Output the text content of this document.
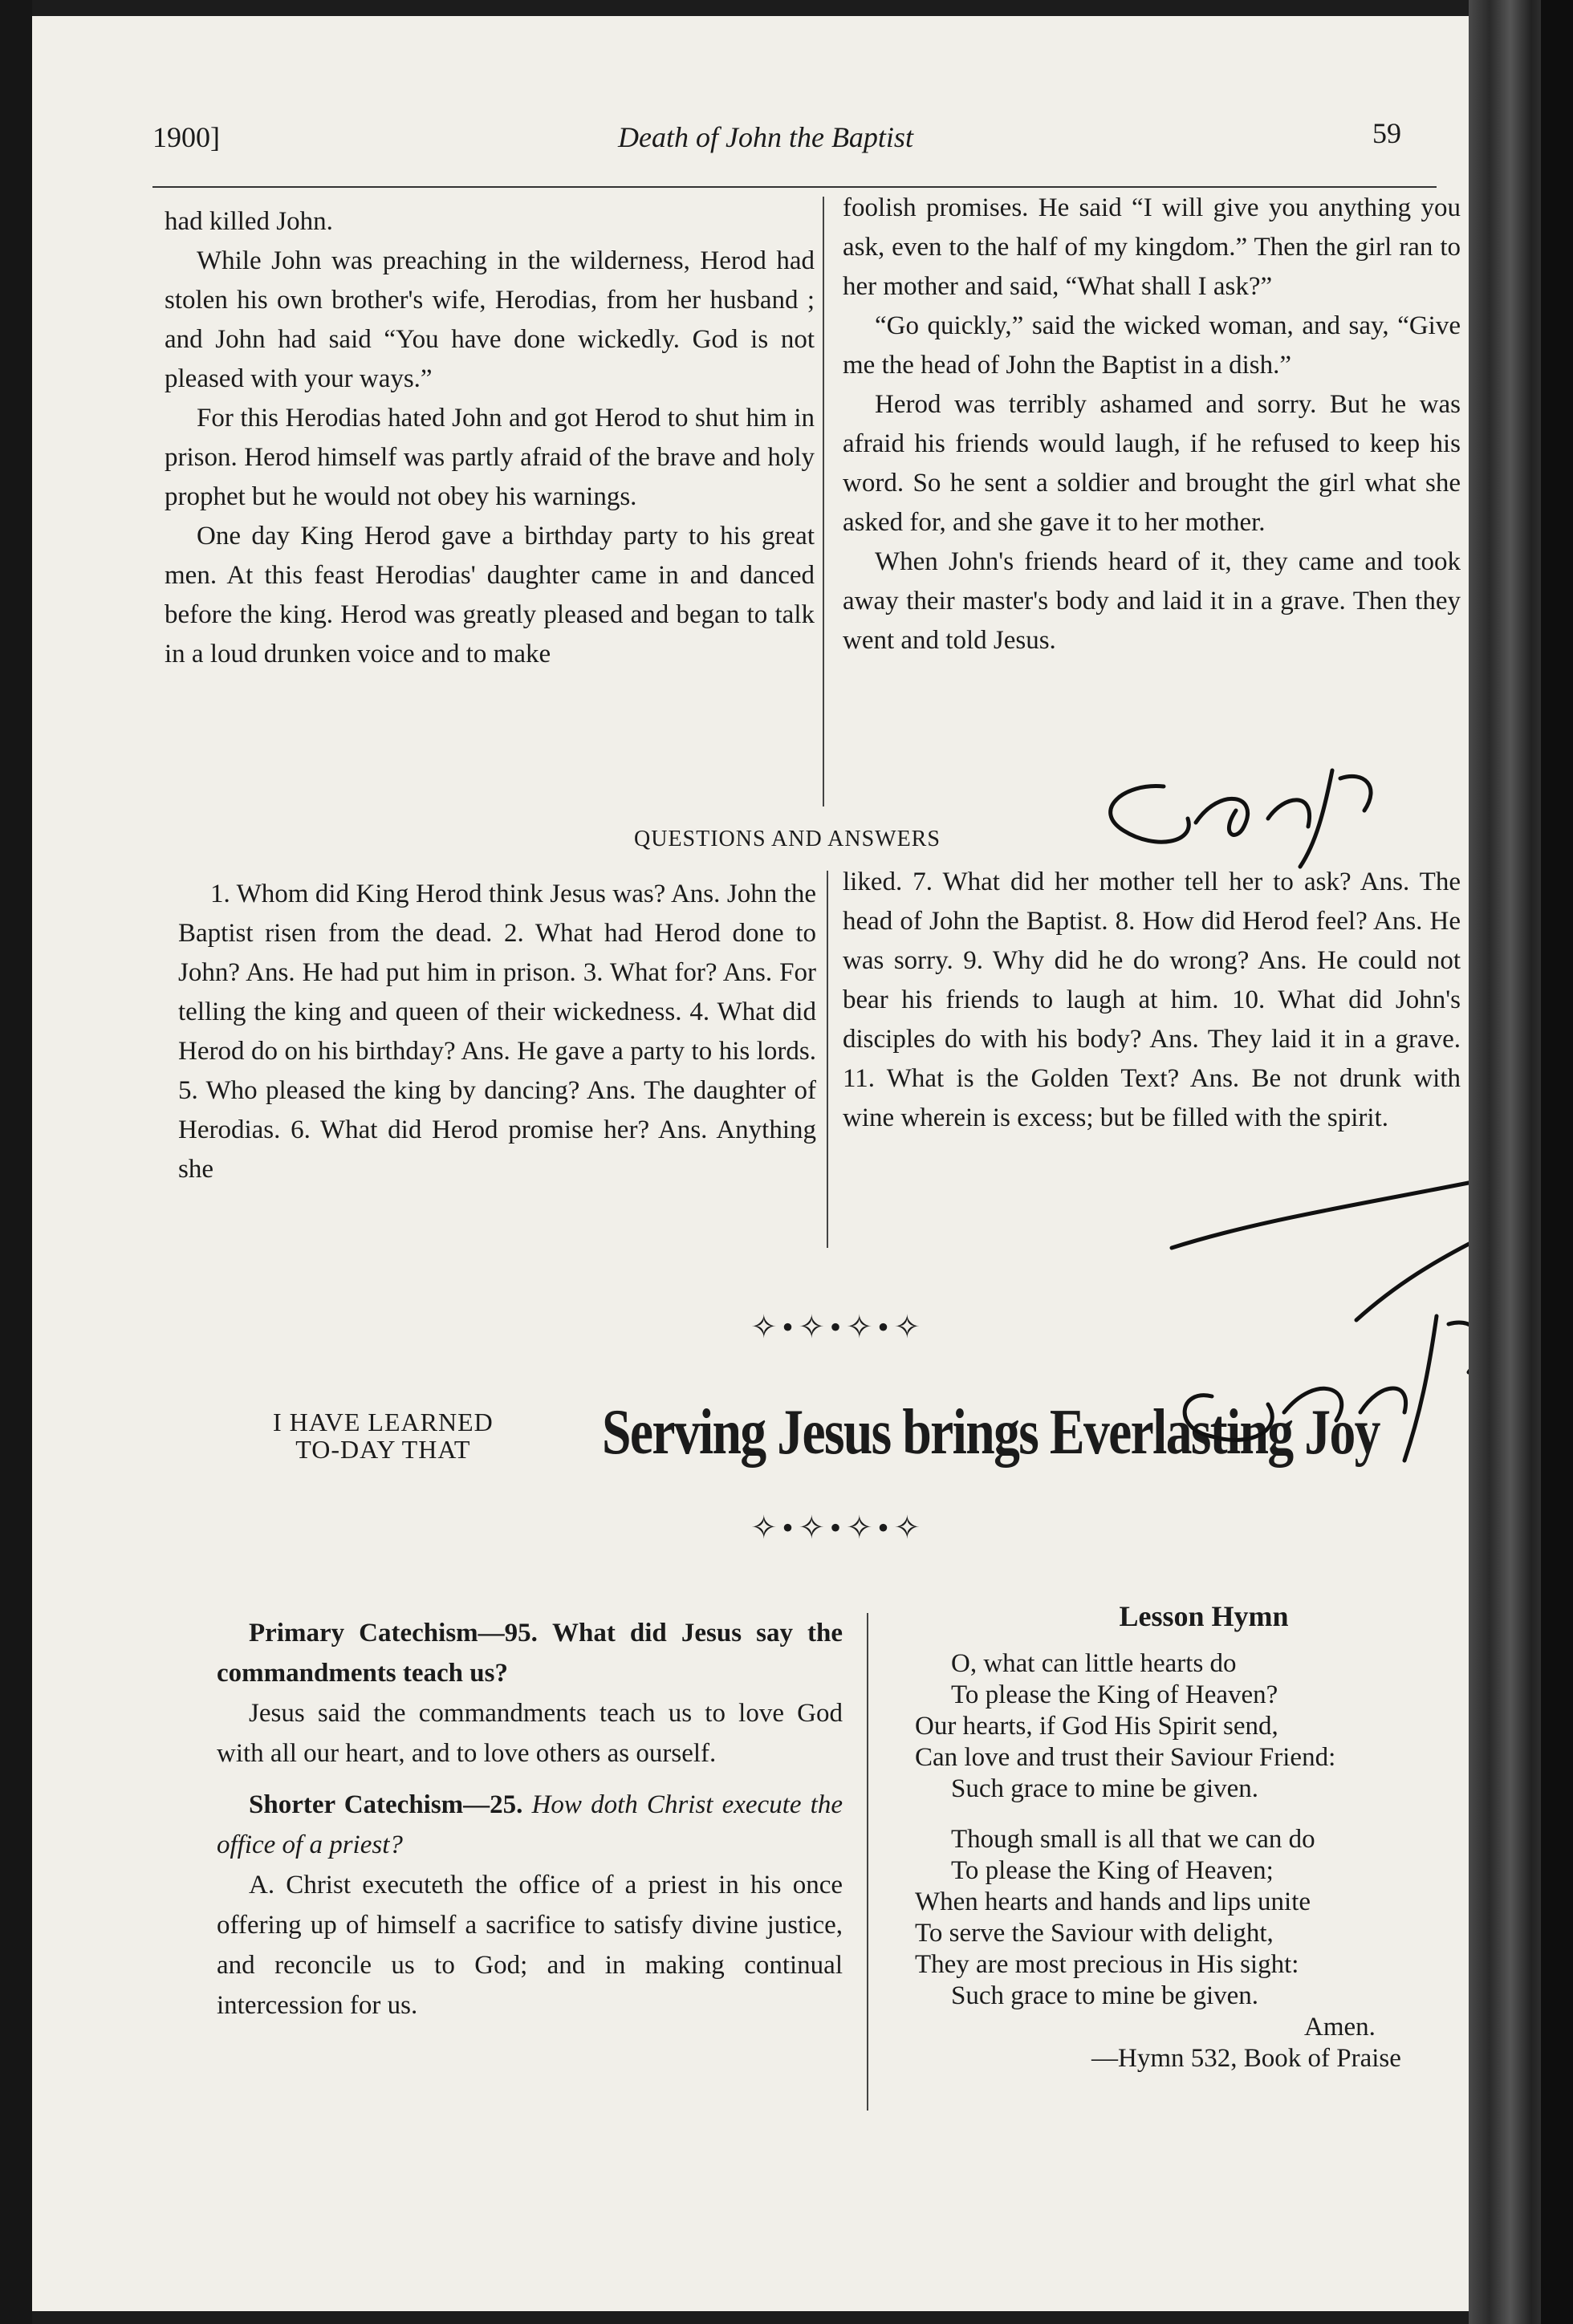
1900]	Death of John the Baptist	59

had killed John.

While John was preaching in the wilderness, Herod had stolen his own brother's wife, Herodias, from her husband ; and John had said “You have done wickedly. God is not pleased with your ways.”

For this Herodias hated John and got Herod to shut him in prison. Herod himself was partly afraid of the brave and holy prophet but he would not obey his warnings.

One day King Herod gave a birthday party to his great men. At this feast Herodias' daughter came in and danced before the king. Herod was greatly pleased and began to talk in a loud drunken voice and to make

foolish promises. He said “I will give you anything you ask, even to the half of my kingdom.” Then the girl ran to her mother and said, “What shall I ask?”

“Go quickly,” said the wicked woman, and say, “Give me the head of John the Baptist in a dish.”

Herod was terribly ashamed and sorry. But he was afraid his friends would laugh, if he refused to keep his word. So he sent a soldier and brought the girl what she asked for, and she gave it to her mother.

When John's friends heard of it, they came and took away their master's body and laid it in a grave. Then they went and told Jesus.

QUESTIONS AND ANSWERS

1. Whom did King Herod think Jesus was? Ans. John the Baptist risen from the dead. 2. What had Herod done to John? Ans. He had put him in prison. 3. What for? Ans. For telling the king and queen of their wickedness. 4. What did Herod do on his birthday? Ans. He gave a party to his lords. 5. Who pleased the king by dancing? Ans. The daughter of Herodias. 6. What did Herod promise her? Ans. Anything she

liked. 7. What did her mother tell her to ask? Ans. The head of John the Baptist. 8. How did Herod feel? Ans. He was sorry. 9. Why did he do wrong? Ans. He could not bear his friends to laugh at him. 10. What did John's disciples do with his body? Ans. They laid it in a grave. 11. What is the Golden Text? Ans. Be not drunk with wine wherein is excess; but be filled with the spirit.

✧•✧•✧•✧
I HAVE LEARNED
TO-DAY THAT	Serving Jesus brings Everlasting Joy
✧•✧•✧•✧

Primary Catechism—95. What did Jesus say the commandments teach us?

Jesus said the commandments teach us to love God with all our heart, and to love others as ourself.

Shorter Catechism—25. How doth Christ execute the office of a priest?

A. Christ executeth the office of a priest in his once offering up of himself a sacrifice to satisfy divine justice, and reconcile us to God; and in making continual intercession for us.

Lesson Hymn
O, what can little hearts do
To please the King of Heaven?
Our hearts, if God His Spirit send,
Can love and trust their Saviour Friend:
Such grace to mine be given.
Though small is all that we can do
To please the King of Heaven;
When hearts and hands and lips unite
To serve the Saviour with delight,
They are most precious in His sight:
Such grace to mine be given.
Amen.
—Hymn 532, Book of Praise
